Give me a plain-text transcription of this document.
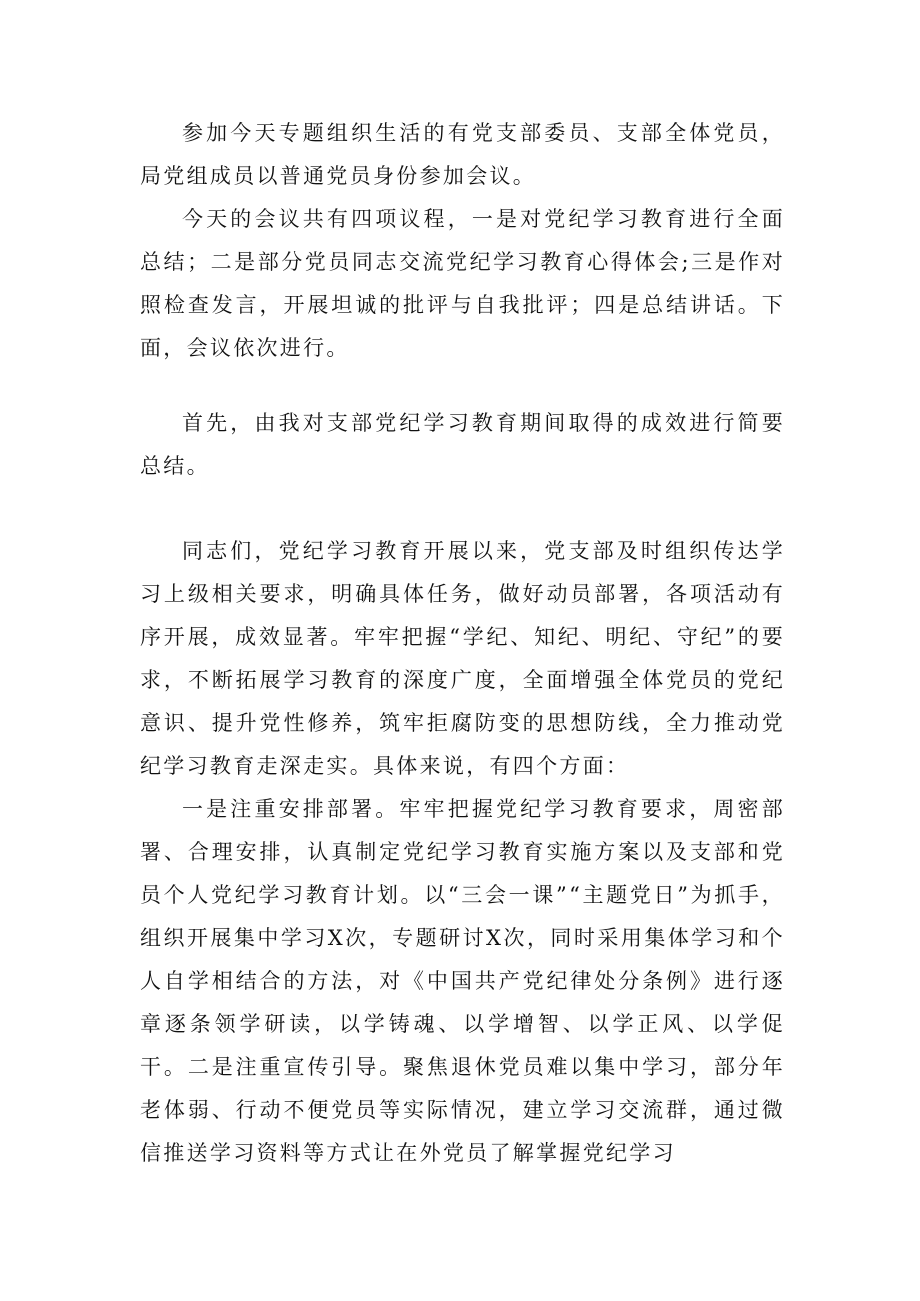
参加今天专题组织生活的有党支部委员、支部全体党员，局党组成员以普通党员身份参加会议。

今天的会议共有四项议程，一是对党纪学习教育进行全面总结；二是部分党员同志交流党纪学习教育心得体会;三是作对照检查发言，开展坦诚的批评与自我批评；四是总结讲话。下面，会议依次进行。

首先，由我对支部党纪学习教育期间取得的成效进行简要总结。

同志们，党纪学习教育开展以来，党支部及时组织传达学习上级相关要求，明确具体任务，做好动员部署，各项活动有序开展，成效显著。牢牢把握“学纪、知纪、明纪、守纪”的要求，不断拓展学习教育的深度广度，全面增强全体党员的党纪意识、提升党性修养，筑牢拒腐防变的思想防线，全力推动党纪学习教育走深走实。具体来说，有四个方面：

一是注重安排部署。牢牢把握党纪学习教育要求，周密部署、合理安排，认真制定党纪学习教育实施方案以及支部和党员个人党纪学习教育计划。以“三会一课”“主题党日”为抓手，组织开展集中学习X次，专题研讨X次，同时采用集体学习和个人自学相结合的方法，对《中国共产党纪律处分条例》进行逐章逐条领学研读，以学铸魂、以学增智、以学正风、以学促干。二是注重宣传引导。聚焦退休党员难以集中学习，部分年老体弱、行动不便党员等实际情况，建立学习交流群，通过微信推送学习资料等方式让在外党员了解掌握党纪学习
